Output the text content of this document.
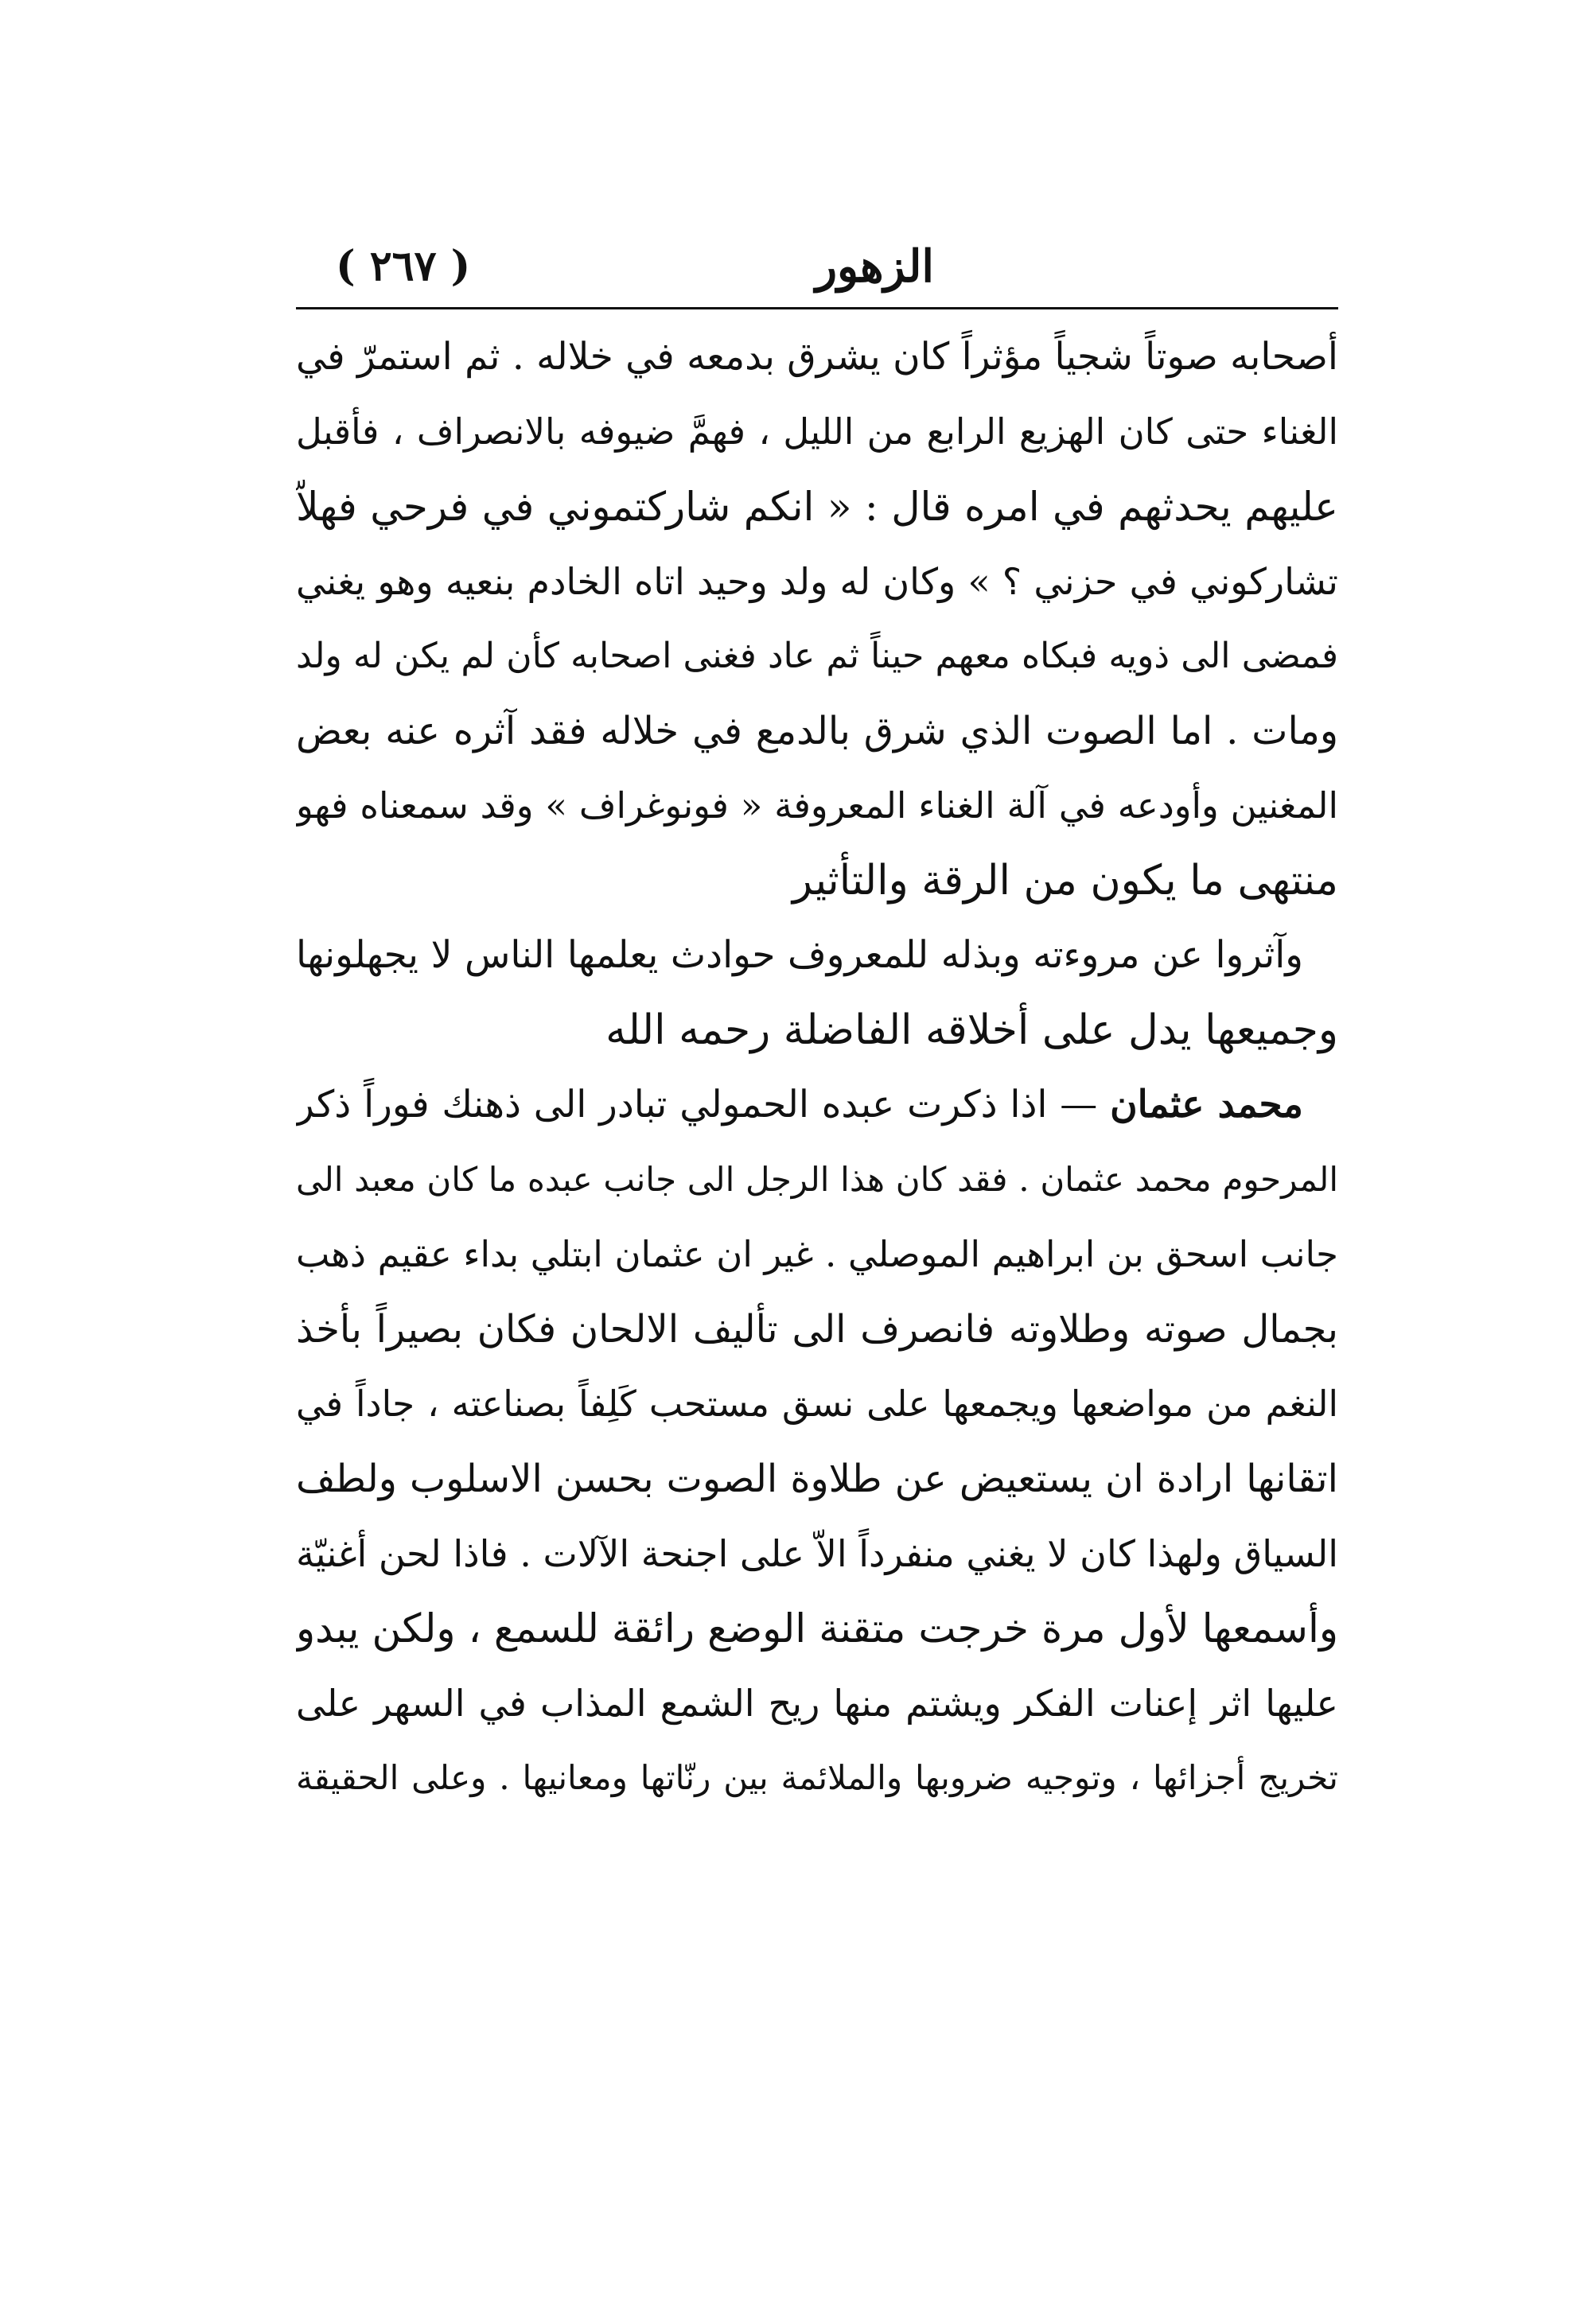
الزهور
( ٢٦٧ )
أصحابه صوتاً شجياً مؤثراً كان يشرق بدمعه في خلاله . ثم استمرّ في
الغناء حتى كان الهزيع الرابع من الليل ، فهمَّ ضيوفه بالانصراف ، فأقبل
عليهم يحدثهم في امره قال : « انكم شاركتموني في فرحي فهلاّ
تشاركوني في حزني ؟ » وكان له ولد وحيد اتاه الخادم بنعيه وهو يغني
فمضى الى ذويه فبكاه معهم حيناً ثم عاد فغنى اصحابه كأن لم يكن له ولد
ومات . اما الصوت الذي شرق بالدمع في خلاله فقد آثره عنه بعض
المغنين وأودعه في آلة الغناء المعروفة « فونوغراف » وقد سمعناه فهو
منتهى ما يكون من الرقة والتأثير
وآثروا عن مروءته وبذله للمعروف حوادث يعلمها الناس لا يجهلونها
وجميعها يدل على أخلاقه الفاضلة رحمه الله
محمد عثمان — اذا ذكرت عبده الحمولي تبادر الى ذهنك فوراً ذكر
المرحوم محمد عثمان . فقد كان هذا الرجل الى جانب عبده ما كان معبد الى
جانب اسحق بن ابراهيم الموصلي . غير ان عثمان ابتلي بداء عقيم ذهب
بجمال صوته وطلاوته فانصرف الى تأليف الالحان فكان بصيراً بأخذ
النغم من مواضعها ويجمعها على نسق مستحب كَلِفاً بصناعته ، جاداً في
اتقانها ارادة ان يستعيض عن طلاوة الصوت بحسن الاسلوب ولطف
السياق ولهذا كان لا يغني منفرداً الاّ على اجنحة الآلات . فاذا لحن أغنيّة
وأسمعها لأول مرة خرجت متقنة الوضع رائقة للسمع ، ولكن يبدو
عليها اثر إعنات الفكر ويشتم منها ريح الشمع المذاب في السهر على
تخريج أجزائها ، وتوجيه ضروبها والملائمة بين رنّاتها ومعانيها . وعلى الحقيقة
